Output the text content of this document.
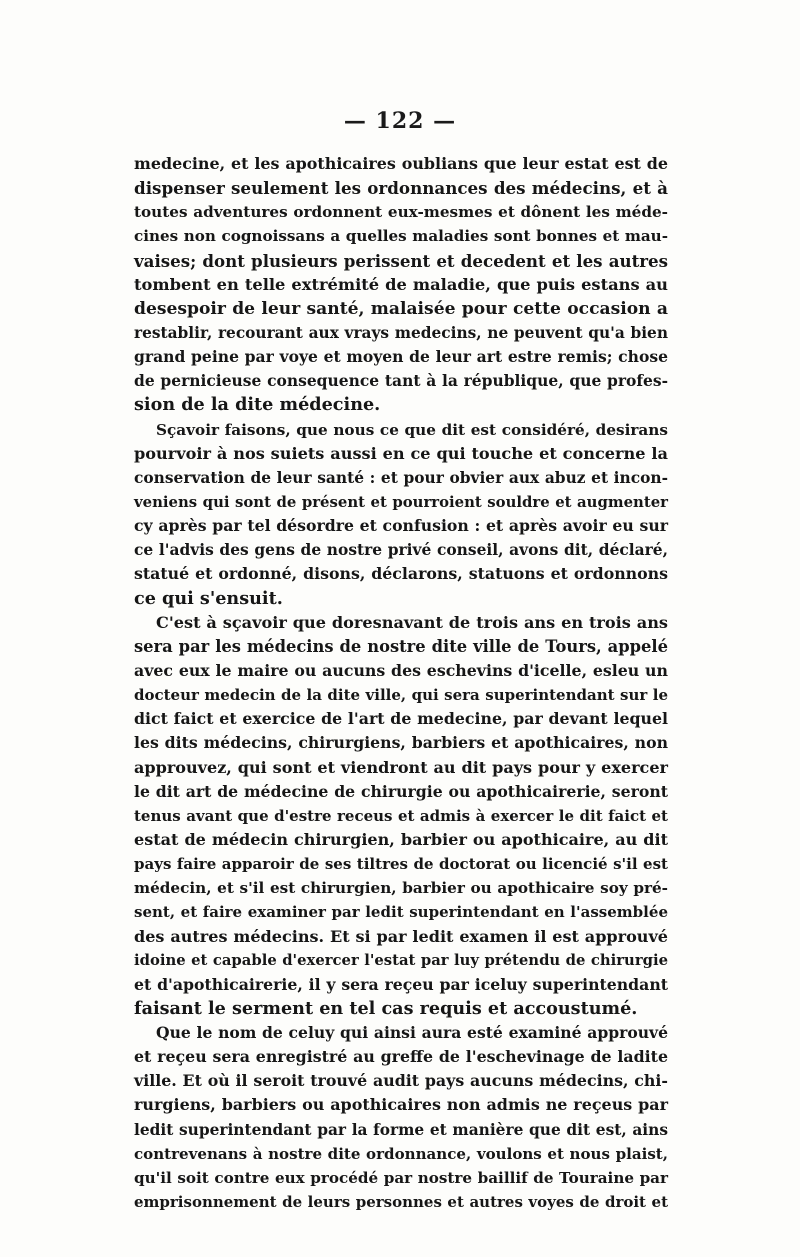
— 122 —
medecine, et les apothicaires oublians que leur estat est de
dispenser seulement les ordonnances des médecins, et à
toutes adventures ordonnent eux-mesmes et dônent les méde-
cines non cognoissans a quelles maladies sont bonnes et mau-
vaises; dont plusieurs perissent et decedent et les autres
tombent en telle extrémité de maladie, que puis estans au
desespoir de leur santé, malaisée pour cette occasion a
restablir, recourant aux vrays medecins, ne peuvent qu'a bien
grand peine par voye et moyen de leur art estre remis; chose
de pernicieuse consequence tant à la république, que profes-
sion de la dite médecine.
Sçavoir faisons, que nous ce que dit est considéré, desirans
pourvoir à nos suiets aussi en ce qui touche et concerne la
conservation de leur santé : et pour obvier aux abuz et incon-
veniens qui sont de présent et pourroient souldre et augmenter
cy après par tel désordre et confusion : et après avoir eu sur
ce l'advis des gens de nostre privé conseil, avons dit, déclaré,
statué et ordonné, disons, déclarons, statuons et ordonnons
ce qui s'ensuit.
C'est à sçavoir que doresnavant de trois ans en trois ans
sera par les médecins de nostre dite ville de Tours, appelé
avec eux le maire ou aucuns des eschevins d'icelle, esleu un
docteur medecin de la dite ville, qui sera superintendant sur le
dict faict et exercice de l'art de medecine, par devant lequel
les dits médecins, chirurgiens, barbiers et apothicaires, non
approuvez, qui sont et viendront au dit pays pour y exercer
le dit art de médecine de chirurgie ou apothicairerie, seront
tenus avant que d'estre receus et admis à exercer le dit faict et
estat de médecin chirurgien, barbier ou apothicaire, au dit
pays faire apparoir de ses tiltres de doctorat ou licencié s'il est
médecin, et s'il est chirurgien, barbier ou apothicaire soy pré-
sent, et faire examiner par ledit superintendant en l'assemblée
des autres médecins. Et si par ledit examen il est approuvé
idoine et capable d'exercer l'estat par luy prétendu de chirurgie
et d'apothicairerie, il y sera reçeu par iceluy superintendant
faisant le serment en tel cas requis et accoustumé.
Que le nom de celuy qui ainsi aura esté examiné approuvé
et reçeu sera enregistré au greffe de l'eschevinage de ladite
ville. Et où il seroit trouvé audit pays aucuns médecins, chi-
rurgiens, barbiers ou apothicaires non admis ne reçeus par
ledit superintendant par la forme et manière que dit est, ains
contrevenans à nostre dite ordonnance, voulons et nous plaist,
qu'il soit contre eux procédé par nostre baillif de Touraine par
emprisonnement de leurs personnes et autres voyes de droit et
